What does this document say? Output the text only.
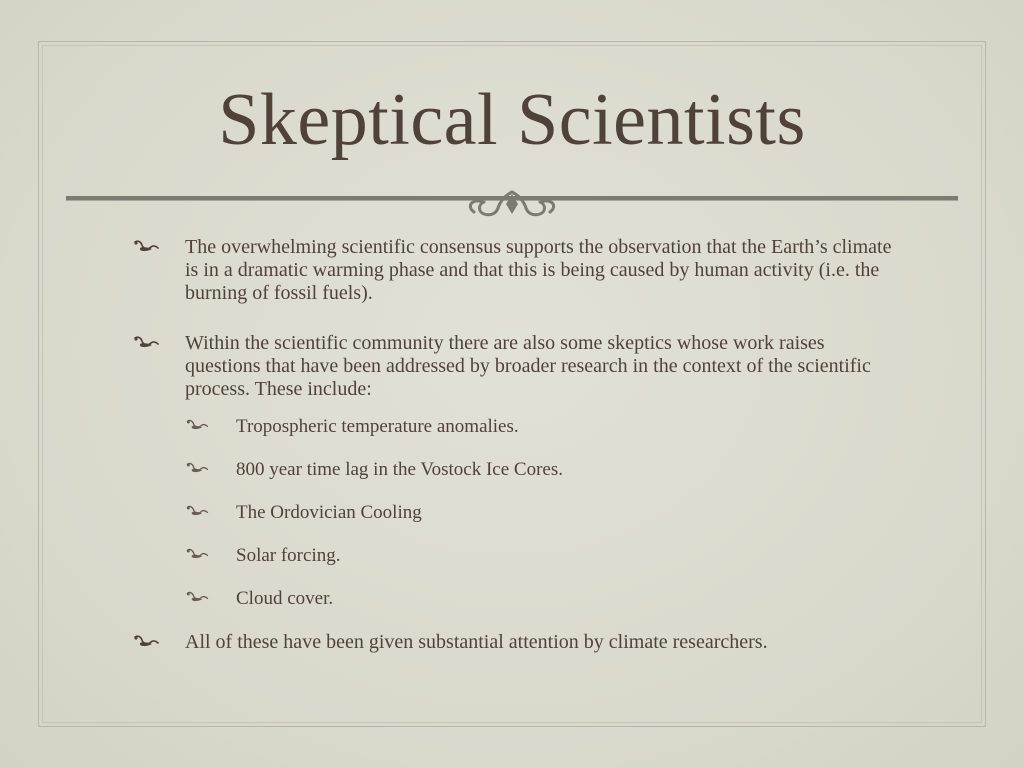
Skeptical Scientists
The overwhelming scientific consensus supports the observation that the Earth’s climate is in a dramatic warming phase and that this is being caused by human activity (i.e. the burning of fossil fuels).
Within the scientific community there are also some skeptics whose work raises questions that have been addressed by broader research in the context of the scientific process. These include:
Tropospheric temperature anomalies.
800 year time lag in the Vostock Ice Cores.
The Ordovician Cooling
Solar forcing.
Cloud cover.
All of these have been given substantial attention by climate researchers.
